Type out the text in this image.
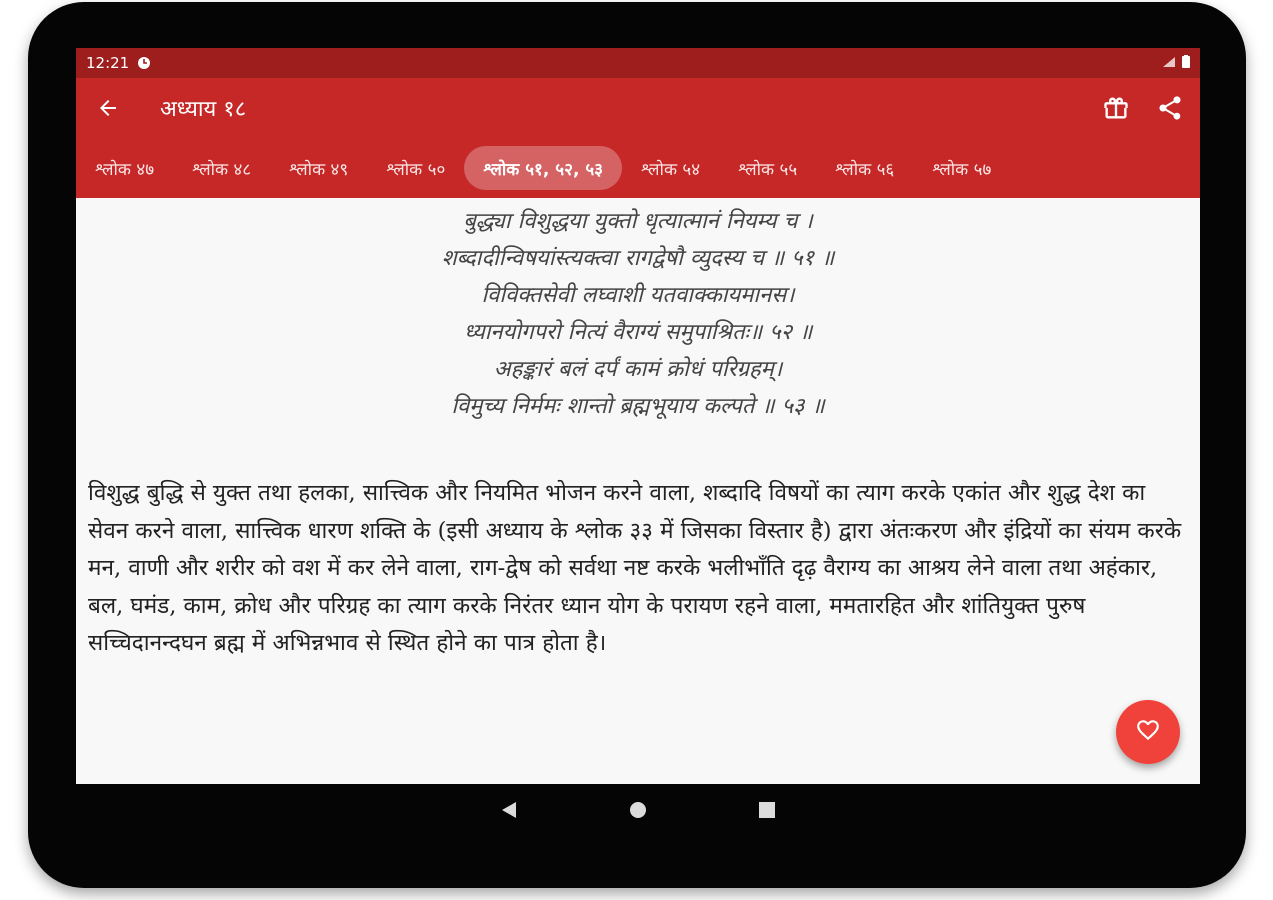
12:21
अध्याय १८
श्लोक ४७	श्लोक ४८	श्लोक ४९	श्लोक ५०	श्लोक ५१, ५२, ५३	श्लोक ५४	श्लोक ५५	श्लोक ५६	श्लोक ५७
बुद्ध्या विशुद्धया युक्तो धृत्यात्मानं नियम्य च ।
शब्दादीन्विषयांस्त्यक्त्वा रागद्वेषौ व्युदस्य च ॥ ५१ ॥
विविक्तसेवी लघ्वाशी यतवाक्कायमानस।
ध्यानयोगपरो नित्यं वैराग्यं समुपाश्रितः॥ ५२ ॥
अहङ्कारं बलं दर्पं कामं क्रोधं परिग्रहम्‌।
विमुच्य निर्ममः शान्तो ब्रह्मभूयाय कल्पते ॥ ५३ ॥
विशुद्ध बुद्धि से युक्त तथा हलका, सात्त्विक और नियमित भोजन करने वाला, शब्दादि विषयों का त्याग करके एकांत और शुद्ध देश का सेवन करने वाला, सात्त्विक धारण शक्ति के (इसी अध्याय के श्लोक ३३ में जिसका विस्तार है) द्वारा अंतःकरण और इंद्रियों का संयम करके मन, वाणी और शरीर को वश में कर लेने वाला, राग-द्वेष को सर्वथा नष्ट करके भलीभाँति दृढ़ वैराग्य का आश्रय लेने वाला तथा अहंकार, बल, घमंड, काम, क्रोध और परिग्रह का त्याग करके निरंतर ध्यान योग के परायण रहने वाला, ममतारहित और शांतियुक्त पुरुष सच्चिदानन्दघन ब्रह्म में अभिन्नभाव से स्थित होने का पात्र होता है।
